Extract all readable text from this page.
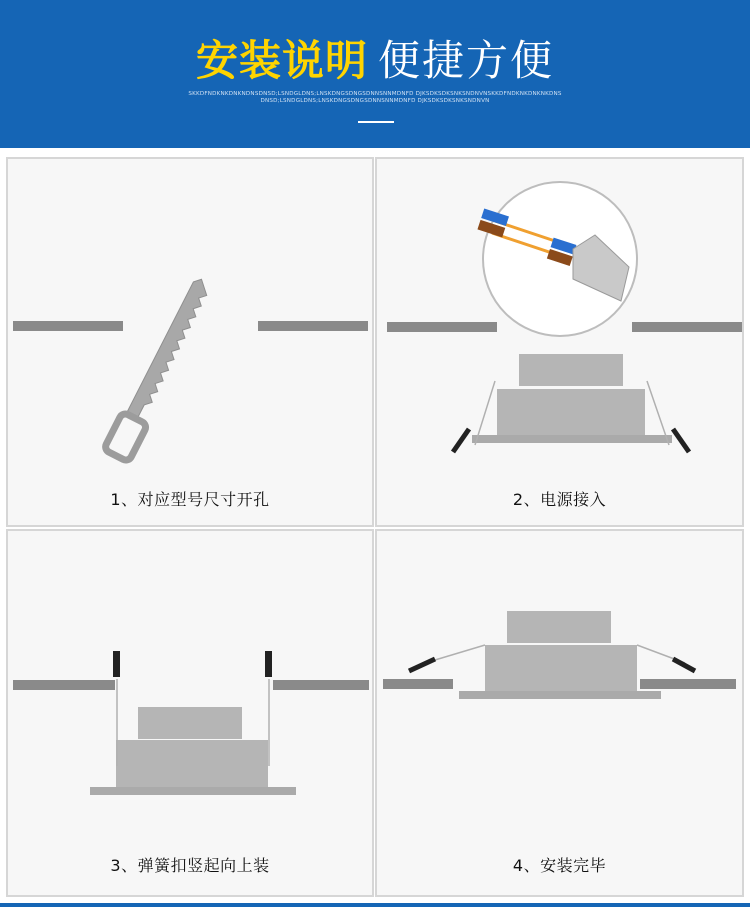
安装说明 便捷方便
SKKDFNDKNKDNKNDNSDNSD;LSNDGLDNS;LNSKDNGSDNGSDNNSNNMDNFD DJKSDKSDKSNKSNDNVNSKKDFNDKNKDNKNKDNS
DNSD;LSNDGLDNS;LNSKDNGSDNGSDNNSNNMDNFD DJKSDKSDKSNKSNDNVN
1、对应型号尺寸开孔	2、电源接入
3、弹簧扣竖起向上装	4、安装完毕
